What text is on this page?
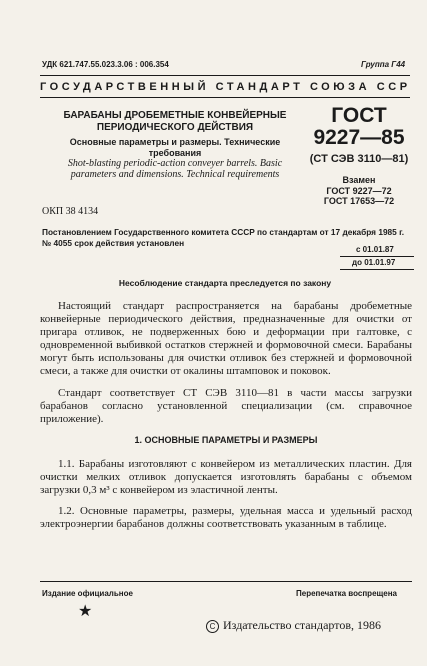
УДК 621.747.55.023.3.06 : 006.354	Группа Г44
ГОСУДАРСТВЕННЫЙ СТАНДАРТ СОЮЗА ССР
БАРАБАНЫ ДРОБЕМЕТНЫЕ КОНВЕЙЕРНЫЕ ПЕРИОДИЧЕСКОГО ДЕЙСТВИЯ
Основные параметры и размеры. Технические требования
Shot-blasting periodic-action conveyer barrels. Basic parameters and dimensions. Technical requirements
ГОСТ
9227—85
(СТ СЭВ 3110—81)
Взамен
ГОСТ 9227—72
ГОСТ 17653—72
ОКП 38 4134
Постановлением Государственного комитета СССР по стандартам от 17 декабря 1985 г. № 4055 срок действия установлен
с 01.01.87
до 01.01.97
Несоблюдение стандарта преследуется по закону
Настоящий стандарт распространяется на барабаны дробеметные конвейерные периодического действия, предназначенные для очистки от пригара отливок, не подверженных бою и деформации при галтовке, с одновременной выбивкой остатков стержней и формовочной смеси. Барабаны могут быть использованы для очистки отливок без стержней и формовочной смеси, а также для очистки от окалины штамповок и поковок.
Стандарт соответствует СТ СЭВ 3110—81 в части массы загрузки барабанов согласно установленной специализации (см. справочное приложение).
1. ОСНОВНЫЕ ПАРАМЕТРЫ И РАЗМЕРЫ
1.1. Барабаны изготовляют с конвейером из металлических пластин. Для очистки мелких отливок допускается изготовлять барабаны с объемом загрузки 0,3 м³ с конвейером из эластичной ленты.
1.2. Основные параметры, размеры, удельная масса и удельный расход электроэнергии барабанов должны соответствовать указанным в таблице.
Издание официальное	Перепечатка воспрещена
★
C Издательство стандартов, 1986
